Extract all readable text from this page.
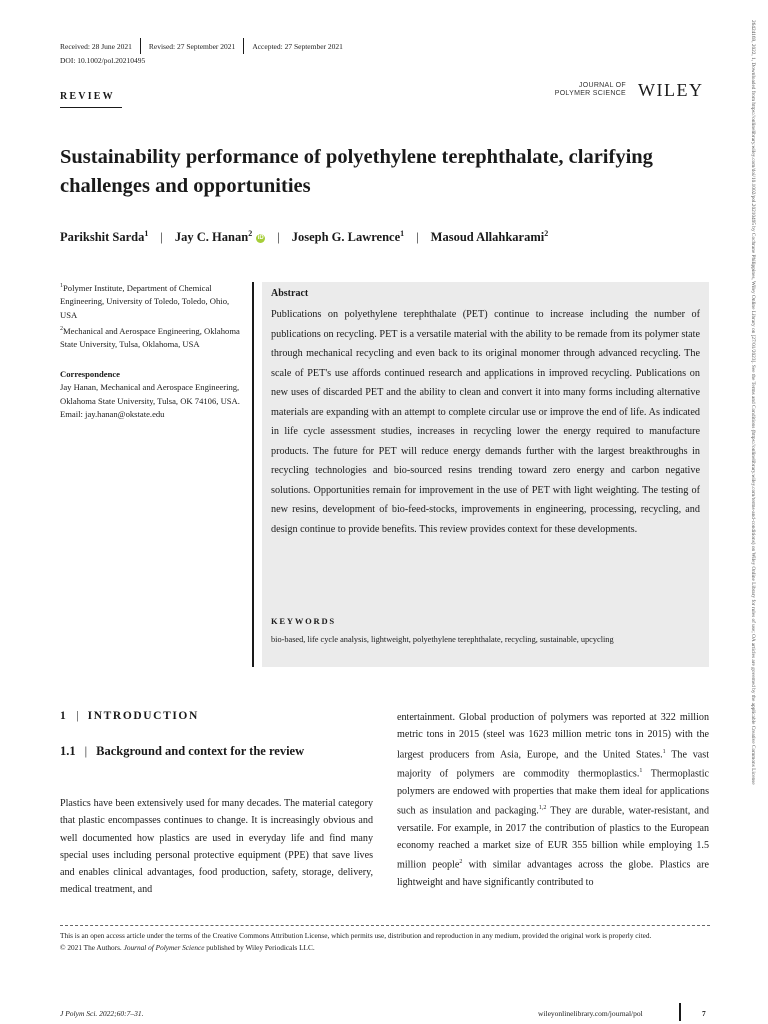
Received: 28 June 2021	Revised: 27 September 2021	Accepted: 27 September 2021
DOI: 10.1002/pol.20210495
REVIEW
JOURNAL OF
POLYMER SCIENCE WILEY
Sustainability performance of polyethylene terephthalate, clarifying challenges and opportunities
Parikshit Sarda$^1$ | Jay C. Hanan$^2$ iD | Joseph G. Lawrence$^1$ | Masoud Allahkarami$^2$

$^1$Polymer Institute, Department of Chemical Engineering, University of Toledo, Toledo, Ohio, USA

$^2$Mechanical and Aerospace Engineering, Oklahoma State University, Tulsa, Oklahoma, USA

Correspondence

Jay Hanan, Mechanical and Aerospace Engineering, Oklahoma State University, Tulsa, OK 74106, USA.

Email: jay.hanan@okstate.edu

Abstract

Publications on polyethylene terephthalate (PET) continue to increase including the number of publications on recycling. PET is a versatile material with the ability to be remade from its polymer state through mechanical recycling and even back to its original monomer through advanced recycling. The scale of PET's use affords continued research and applications in improved recycling. Publications on new uses of discarded PET and the ability to clean and convert it into many forms including alternative materials are expanding with an attempt to complete circular use or improve the end of life. As indicated in life cycle assessment studies, increases in recycling lower the energy required to manufacture products. The future for PET will reduce energy demands further with the largest breakthroughs in recycling technologies and bio-sourced resins trending toward zero energy and carbon negative solutions. Opportunities remain for improvement in the use of PET with light weighting. The testing of new resins, development of bio-feed-stocks, improvements in engineering, processing, recycling, and design continue to provide benefits. This review provides context for these developments.

KEYWORDS

bio-based, life cycle analysis, lightweight, polyethylene terephthalate, recycling, sustainable, upcycling

1 | INTRODUCTION

1.1 | Background and context for the review

Plastics have been extensively used for many decades. The material category that plastic encompasses continues to change. It is increasingly obvious and well documented how plastics are used in everyday life and find many special uses including personal protective equipment (PPE) that save lives and enables clinical advantages, food production, safety, storage, delivery, medical treatment, and

entertainment. Global production of polymers was reported at 322 million metric tons in 2015 (steel was 1623 million metric tons in 2015) with the largest producers from Asia, Europe, and the United States.$^1$ The vast majority of polymers are commodity thermoplastics.$^1$ Thermoplastic polymers are endowed with properties that make them ideal for applications such as insulation and packaging.$^{1,2}$ They are durable, water-resistant, and versatile. For example, in 2017 the contribution of plastics to the European economy reached a market size of EUR 355 billion while employing 1.5 million people$^2$ with similar advantages across the globe. Plastics are lightweight and have significantly contributed to

This is an open access article under the terms of the Creative Commons Attribution License, which permits use, distribution and reproduction in any medium, provided the original work is properly cited.

© 2021 The Authors. Journal of Polymer Science published by Wiley Periodicals LLC.

J Polym Sci. 2022;60:7–31.	wileyonlinelibrary.com/journal/pol	7
26424169, 2022, 1, Downloaded from https://onlinelibrary.wiley.com/doi/10.1002/pol.20210495 by Cochrane Philippines, Wiley Online Library on [27/01/2023]. See the Terms and Conditions (https://onlinelibrary.wiley.com/terms-and-conditions) on Wiley Online Library for rules of use; OA articles are governed by the applicable Creative Commons License
